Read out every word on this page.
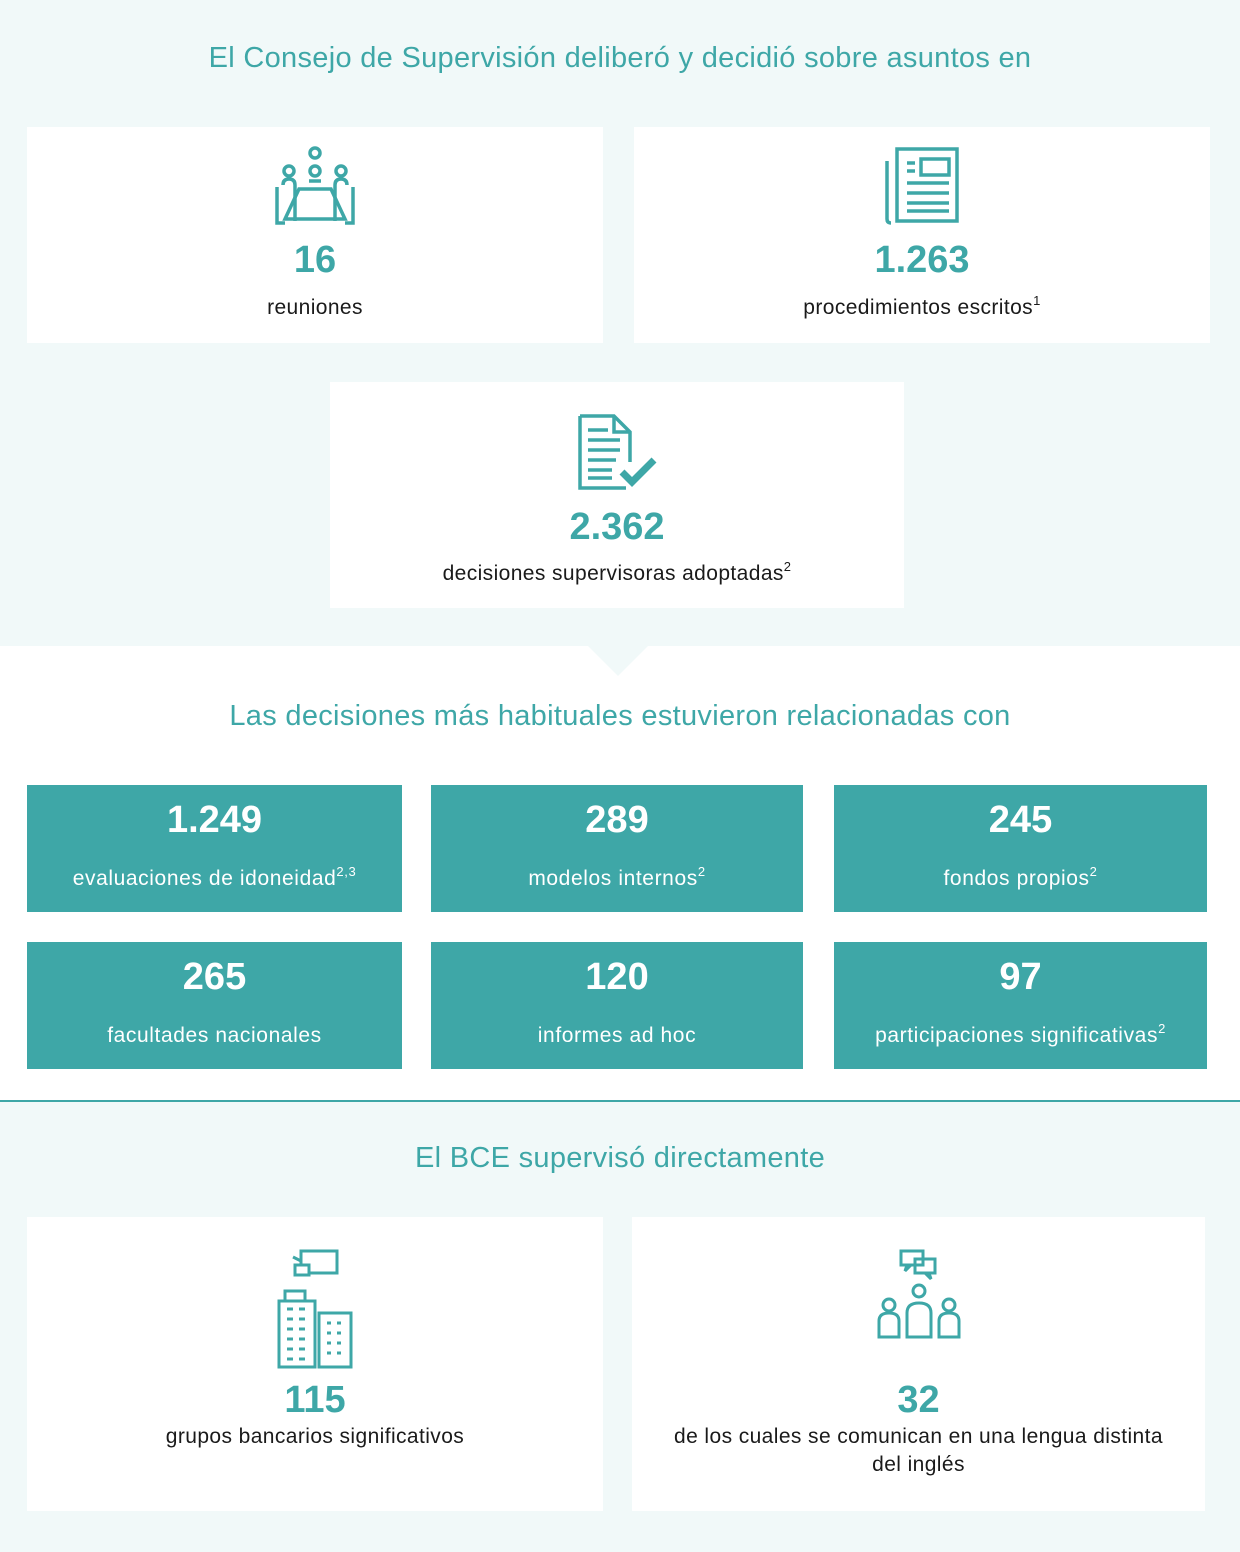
El Consejo de Supervisión deliberó y decidió sobre asuntos en
16
reuniones
1.263
procedimientos escritos$^1$
2.362
decisiones supervisoras adoptadas$^2$
Las decisiones más habituales estuvieron relacionadas con
1.249
evaluaciones de idoneidad$^{2,3}$
289
modelos internos$^2$
245
fondos propios$^2$
265
facultades nacionales
120
informes ad hoc
97
participaciones significativas$^2$
El BCE supervisó directamente
115
grupos bancarios significativos
32
de los cuales se comunican en una lengua distinta
del inglés
